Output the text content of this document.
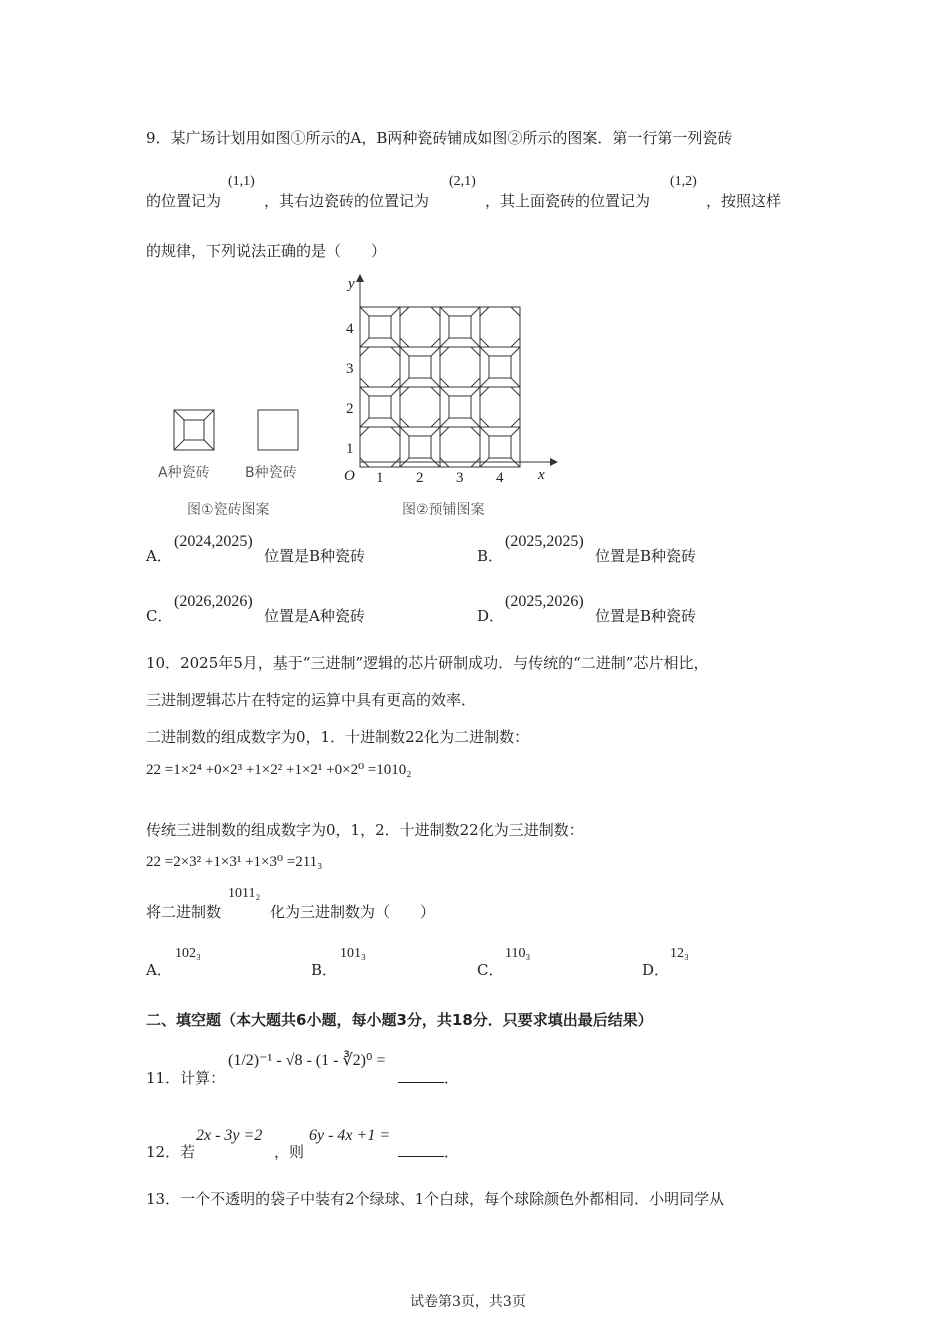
9．某广场计划用如图①所示的A，B两种瓷砖铺成如图②所示的图案．第一行第一列瓷砖
的位置记为
(1,1)
，其右边瓷砖的位置记为
(2,1)
，其上面瓷砖的位置记为
(1,2)
，按照这样
的规律，下列说法正确的是（　　）
A种瓷砖	B种瓷砖
图①瓷砖图案
y
x
O 1 2 3 4
1
2
3
4
图②预铺图案
A．
(2024,2025)
位置是B种瓷砖	B．
(2025,2025)
位置是B种瓷砖
C．
(2026,2026)
位置是A种瓷砖	D．
(2025,2026)
位置是B种瓷砖
10．2025年5月，基于“三进制”逻辑的芯片研制成功．与传统的“二进制”芯片相比，
三进制逻辑芯片在特定的运算中具有更高的效率．
二进制数的组成数字为0，1．十进制数22化为二进制数：
22 =1×2⁴ +0×2³ +1×2² +1×2¹ +0×2⁰ =1010₂
传统三进制数的组成数字为0，1，2．十进制数22化为三进制数：
22 =2×3² +1×3¹ +1×3⁰ =211₃
将二进制数
1011₂
化为三进制数为（　　）
A．
102₃
B．
101₃
C．
110₃
D．
12₃
二、填空题（本大题共6小题，每小题3分，共18分．只要求填出最后结果）
11．计算：
(1/2)⁻¹ - √8 - (1 - ∛2)⁰ =
．
12．若
2x - 3y =2
，则
6y - 4x +1 =
．
13．一个不透明的袋子中装有2个绿球、1个白球，每个球除颜色外都相同．小明同学从
试卷第3页，共3页
